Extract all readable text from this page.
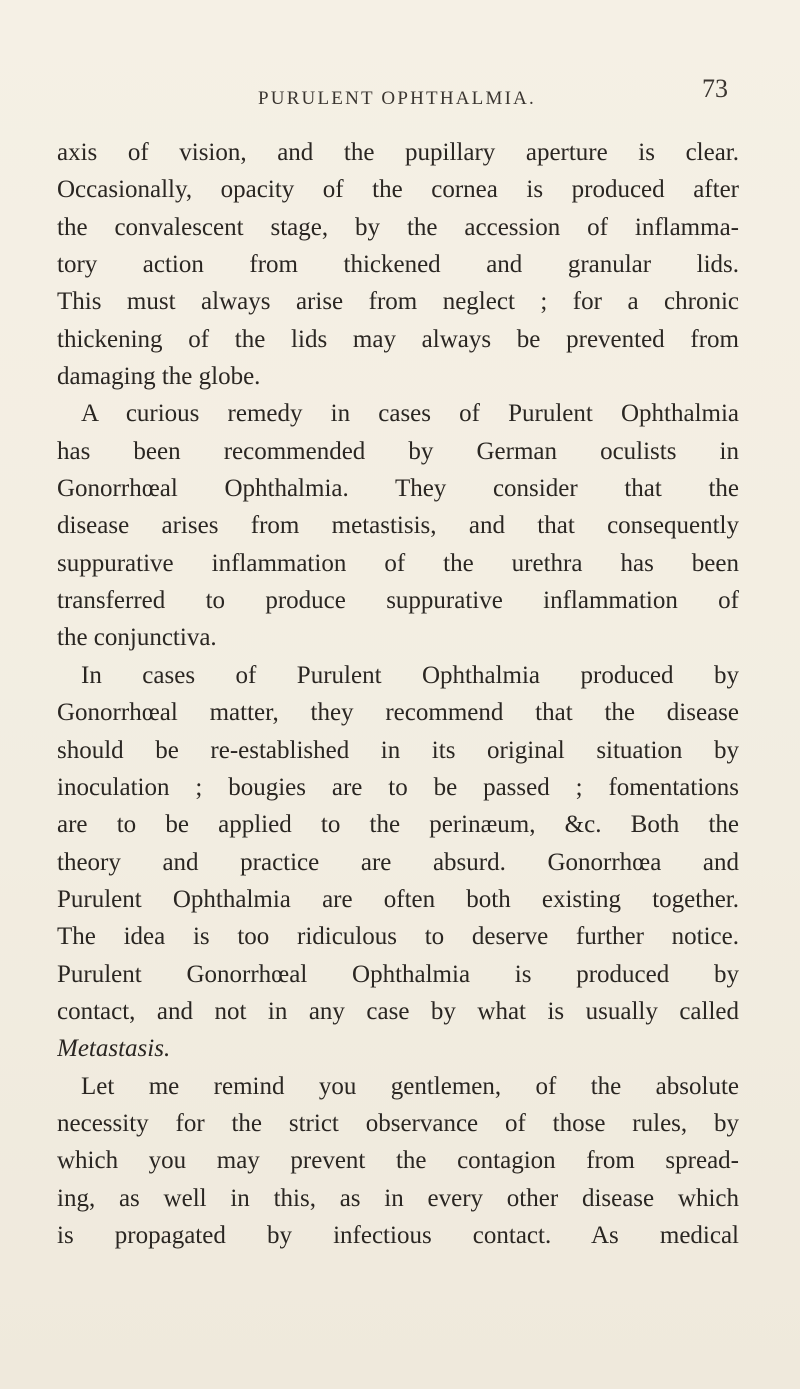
PURULENT OPHTHALMIA.	73
axis of vision, and the pupillary aperture is clear.
Occasionally, opacity of the cornea is produced after
the convalescent stage, by the accession of inflamma-
tory action from thickened and granular lids.
This must always arise from neglect ; for a chronic
thickening of the lids may always be prevented from
damaging the globe.
A curious remedy in cases of Purulent Ophthalmia
has been recommended by German oculists in
Gonorrhœal Ophthalmia. They consider that the
disease arises from metastisis, and that consequently
suppurative inflammation of the urethra has been
transferred to produce suppurative inflammation of
the conjunctiva.
In cases of Purulent Ophthalmia produced by
Gonorrhœal matter, they recommend that the disease
should be re-established in its original situation by
inoculation ; bougies are to be passed ; fomentations
are to be applied to the perinæum, &c. Both the
theory and practice are absurd. Gonorrhœa and
Purulent Ophthalmia are often both existing together.
The idea is too ridiculous to deserve further notice.
Purulent Gonorrhœal Ophthalmia is produced by
contact, and not in any case by what is usually called
Metastasis.
Let me remind you gentlemen, of the absolute
necessity for the strict observance of those rules, by
which you may prevent the contagion from spread-
ing, as well in this, as in every other disease which
is propagated by infectious contact. As medical
